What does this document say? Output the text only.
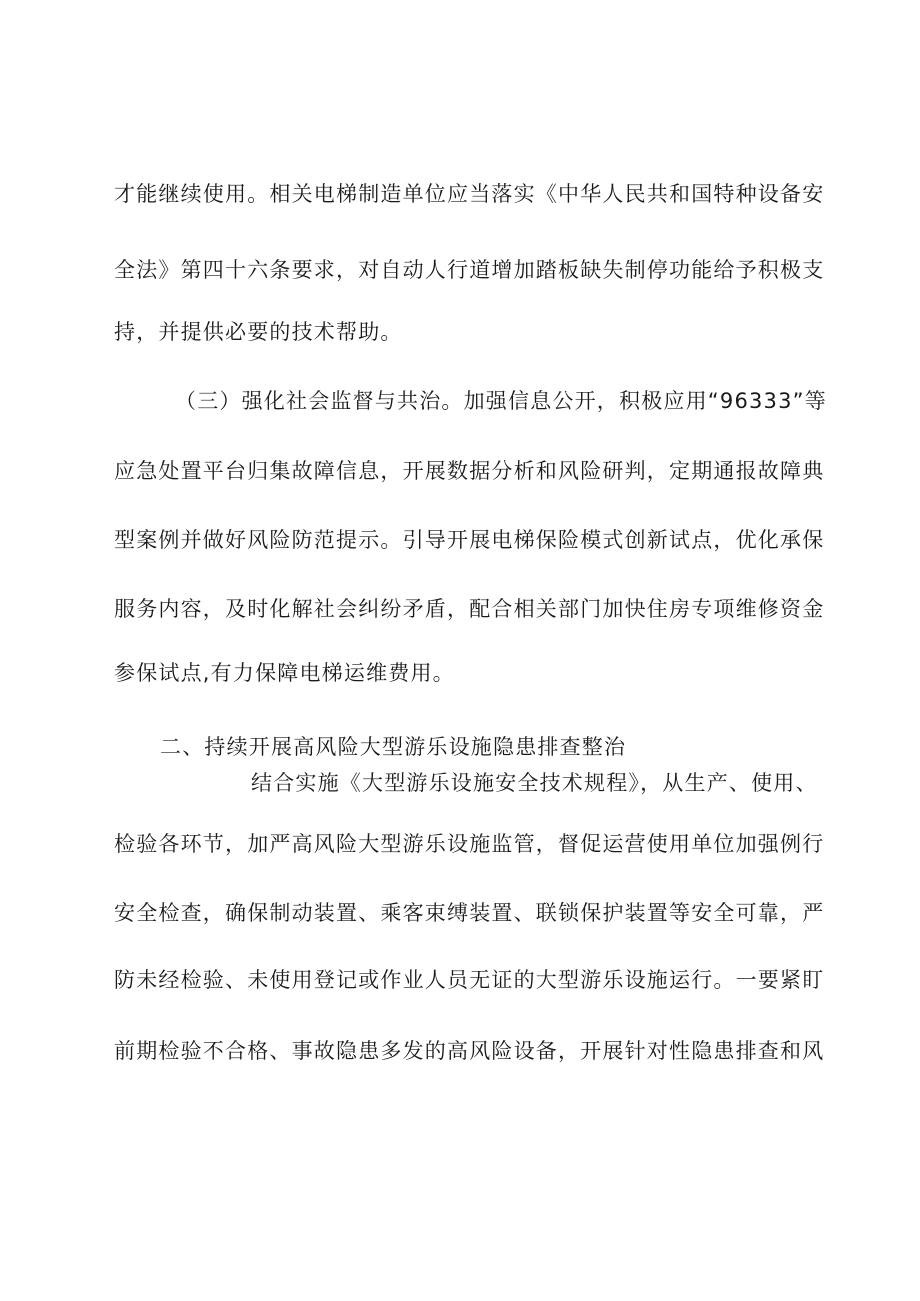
才能继续使用。相关电梯制造单位应当落实《中华人民共和国特种设备安
全法》第四十六条要求，对自动人行道增加踏板缺失制停功能给予积极支
持，并提供必要的技术帮助。
（三）强化社会监督与共治。加强信息公开，积极应用“96333”等
应急处置平台归集故障信息，开展数据分析和风险研判，定期通报故障典
型案例并做好风险防范提示。引导开展电梯保险模式创新试点，优化承保
服务内容，及时化解社会纠纷矛盾，配合相关部门加快住房专项维修资金
参保试点,有力保障电梯运维费用。
二、持续开展高风险大型游乐设施隐患排查整治
结合实施《大型游乐设施安全技术规程》，从生产、使用、
检验各环节，加严高风险大型游乐设施监管，督促运营使用单位加强例行
安全检查，确保制动装置、乘客束缚装置、联锁保护装置等安全可靠，严
防未经检验、未使用登记或作业人员无证的大型游乐设施运行。一要紧盯
前期检验不合格、事故隐患多发的高风险设备，开展针对性隐患排查和风
